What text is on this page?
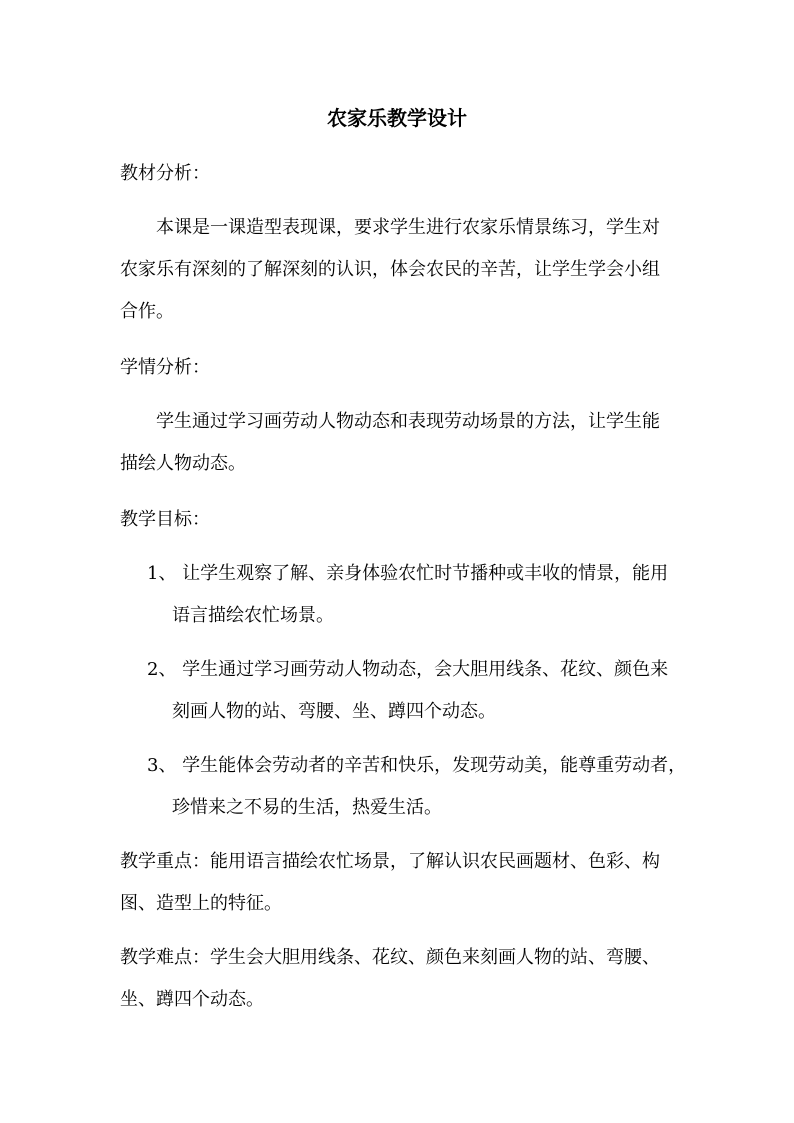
农家乐教学设计
教材分析：
本课是一课造型表现课，要求学生进行农家乐情景练习，学生对
农家乐有深刻的了解深刻的认识，体会农民的辛苦，让学生学会小组
合作。
学情分析：
学生通过学习画劳动人物动态和表现劳动场景的方法，让学生能
描绘人物动态。
教学目标：
1、 让学生观察了解、亲身体验农忙时节播种或丰收的情景，能用
语言描绘农忙场景。
2、 学生通过学习画劳动人物动态，会大胆用线条、花纹、颜色来
刻画人物的站、弯腰、坐、蹲四个动态。
3、 学生能体会劳动者的辛苦和快乐，发现劳动美，能尊重劳动者，
珍惜来之不易的生活，热爱生活。
教学重点：能用语言描绘农忙场景，了解认识农民画题材、色彩、构
图、造型上的特征。
教学难点：学生会大胆用线条、花纹、颜色来刻画人物的站、弯腰、
坐、蹲四个动态。
